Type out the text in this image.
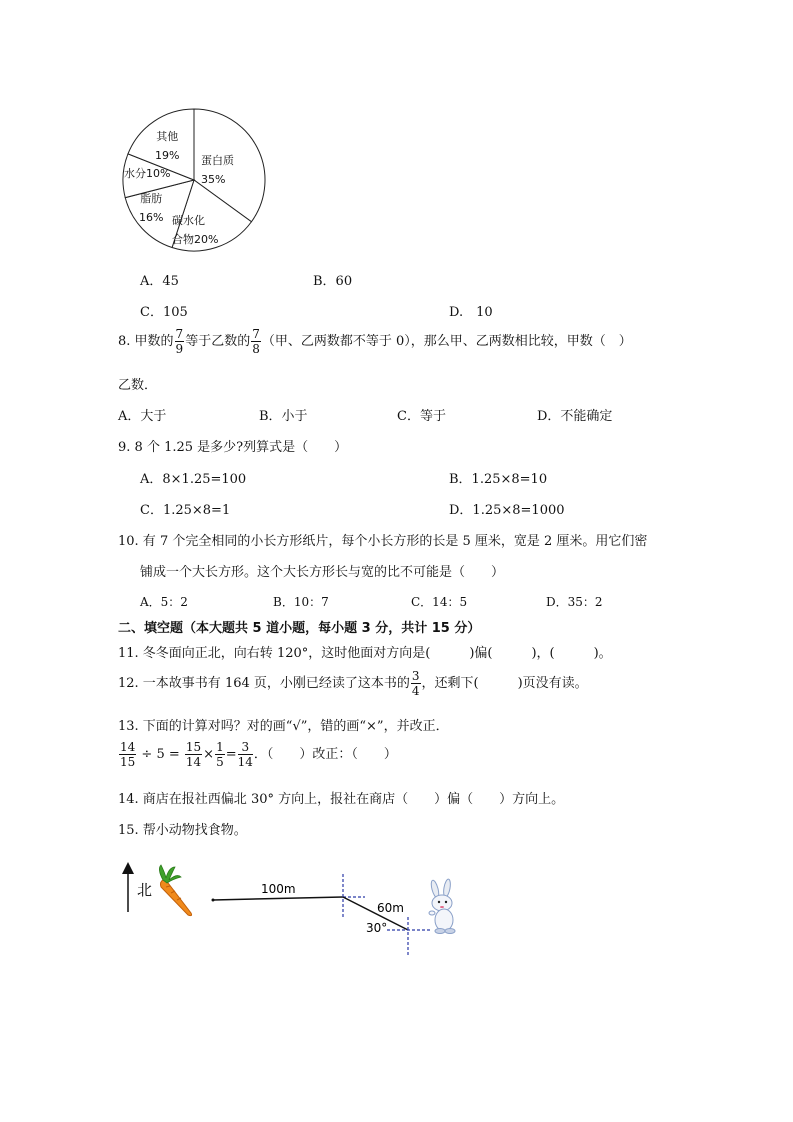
其他
19% 蛋白质
35%
水分10%
脂肪
16% 碳水化
合物20%
A．45	B．60
C．105	D.　10
8. 甲数的 $\frac{7}{9}$ 等于乙数的 $\frac{7}{8}$ （甲、乙两数都不等于 0），那么甲、乙两数相比较，甲数（　）
乙数．
A．大于	B．小于	C．等于	D．不能确定
9. 8 个 1.25 是多少?列算式是（　　）
A．8×1.25=100	B．1.25×8=10
C．1.25×8=1	D．1.25×8=1000
10. 有 7 个完全相同的小长方形纸片，每个小长方形的长是 5 厘米，宽是 2 厘米。用它们密
铺成一个大长方形。这个大长方形长与宽的比不可能是（　　）
A．5：2	B．10：7	C．14：5	D．35：2
二、填空题（本大题共 5 道小题，每小题 3 分，共计 15 分）
11. 冬冬面向正北，向右转 120°，这时他面对方向是(　　　)偏(　　　)，(　　　)。
12. 一本故事书有 164 页，小刚已经读了这本书的 $\frac{3}{4}$ ，还剩下(　　　)页没有读。
13. 下面的计算对吗？对的画“√”，错的画“×”，并改正．
$\frac{14}{15} \div 5 = \frac{15}{14} \times \frac{1}{5} = \frac{3}{14}$ ．（　　）改正：（　　）
14. 商店在报社西偏北 30° 方向上，报社在商店（　　）偏（　　）方向上。
15. 帮小动物找食物。
北	100m
60m
30°
